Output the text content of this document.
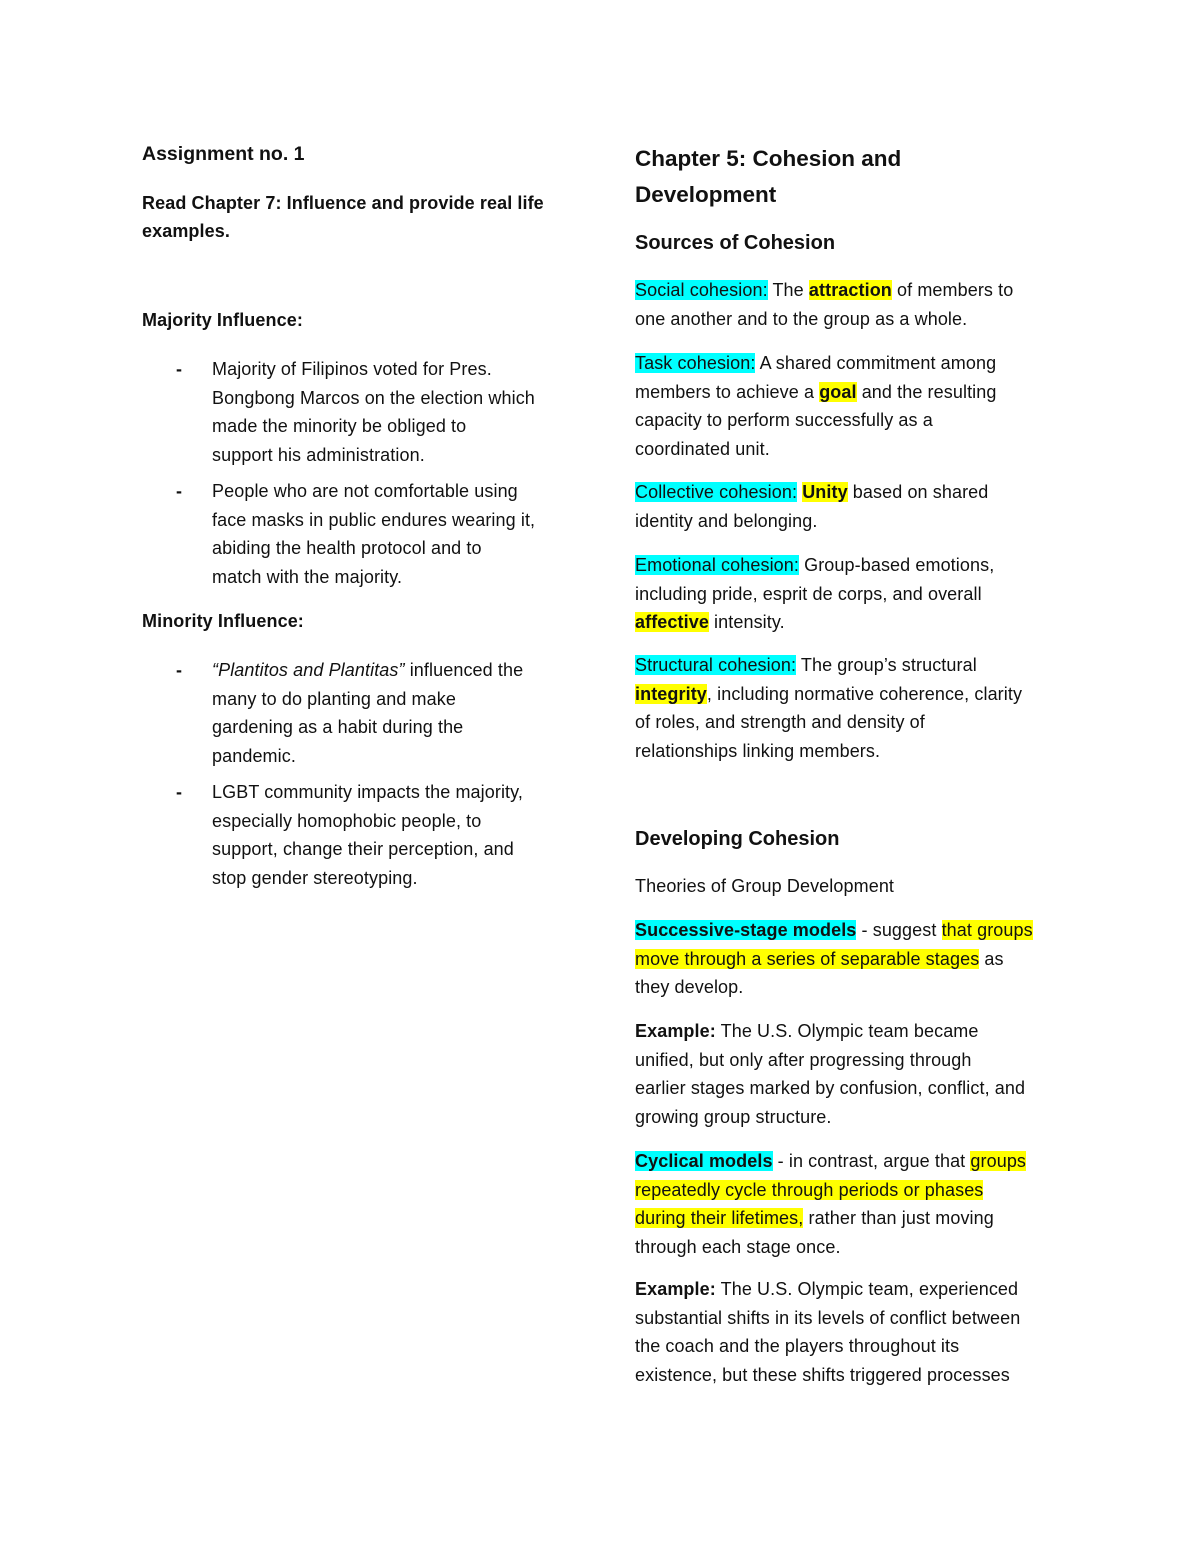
Assignment no. 1
Read Chapter 7: Influence and provide real life
examples.
Majority Influence:
- Majority of Filipinos voted for Pres.
Bongbong Marcos on the election which
made the minority be obliged to
support his administration.
- People who are not comfortable using
face masks in public endures wearing it,
abiding the health protocol and to
match with the majority.
Minority Influence:
- “Plantitos and Plantitas” influenced the
many to do planting and make
gardening as a habit during the
pandemic.
- LGBT community impacts the majority,
especially homophobic people, to
support, change their perception, and
stop gender stereotyping.
Chapter 5: Cohesion and
Development
Sources of Cohesion
Social cohesion: The attraction of members to
one another and to the group as a whole.
Task cohesion: A shared commitment among
members to achieve a goal and the resulting
capacity to perform successfully as a
coordinated unit.
Collective cohesion: Unity based on shared
identity and belonging.
Emotional cohesion: Group-based emotions,
including pride, esprit de corps, and overall
affective intensity.
Structural cohesion: The group’s structural
integrity, including normative coherence, clarity
of roles, and strength and density of
relationships linking members.
Developing Cohesion
Theories of Group Development
Successive-stage models - suggest that groups
move through a series of separable stages as
they develop.
Example: The U.S. Olympic team became
unified, but only after progressing through
earlier stages marked by confusion, conflict, and
growing group structure.
Cyclical models - in contrast, argue that groups
repeatedly cycle through periods or phases
during their lifetimes, rather than just moving
through each stage once.
Example: The U.S. Olympic team, experienced
substantial shifts in its levels of conflict between
the coach and the players throughout its
existence, but these shifts triggered processes
